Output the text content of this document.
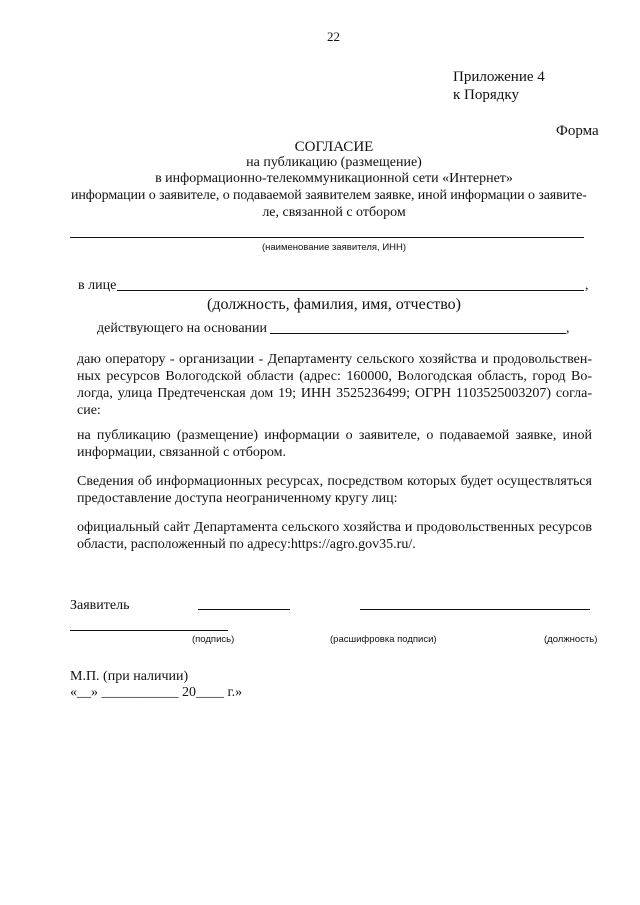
22
Приложение 4
к Порядку
Форма
СОГЛАСИЕ
на публикацию (размещение)
в информационно-телекоммуникационной сети «Интернет»
информации о заявителе, о подаваемой заявителем заявке, иной информации о заявите-
ле, связанной с отбором
(наименование заявителя, ИНН)
в лице	,
(должность, фамилия, имя, отчество)
действующего на основании	,
даю оператору - организации - Департаменту сельского хозяйства и продовольствен-ных ресурсов Вологодской области (адрес: 160000, Вологодская область, город Во-логда, улица Предтеченская дом 19; ИНН 3525236499; ОГРН 1103525003207) согла-сие:
на публикацию (размещение) информации о заявителе, о подаваемой заявке, иной информации, связанной с отбором.
Сведения об информационных ресурсах, посредством которых будет осуществляться предоставление доступа неограниченному кругу лиц:
официальный сайт Департамента сельского хозяйства и продовольственных ресурсов области, расположенный по адресу:https://agro.gov35.ru/.
Заявитель
(подпись)	(расшифровка подписи)	(должность)
М.П. (при наличии)
«__» ___________ 20____ г.»
